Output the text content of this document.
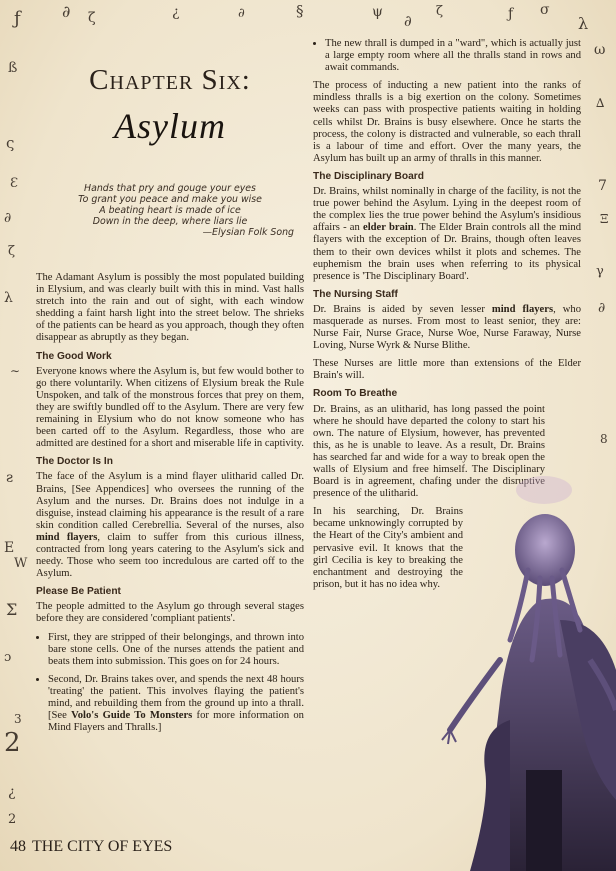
ƒ	∂ ζ	¿	∂	§	ψ ∂
ζ	ƒ σ
λ
ω
∆
7
Ξ
γ
∂
8
ß
ς
Ɛ
∂
ζ
λ
∼
ƨ
E
W
Ʃ
ɔ
3
2
¿
2
Chapter Six:
Asylum
Hands that pry and gouge your eyes
To grant you peace and make you wise
A beating heart is made of ice
Down in the deep, where liars lie
—Elysian Folk Song

The Adamant Asylum is possibly the most populated building in Elysium, and was clearly built with this in mind. Vast halls stretch into the rain and out of sight, with each window shedding a faint harsh light into the street below. The shrieks of the patients can be heard as you approach, though they often disappear as abruptly as they began.

The Good Work

Everyone knows where the Asylum is, but few would bother to go there voluntarily. When citizens of Elysium break the Rule Unspoken, and talk of the monstrous forces that prey on them, they are swiftly bundled off to the Asylum. There are very few remaining in Elysium who do not know someone who has been carted off to the Asylum. Regardless, those who are admitted are destined for a short and miserable life in captivity.

The Doctor Is In

The face of the Asylum is a mind flayer ulitharid called Dr. Brains, [See Appendices] who oversees the running of the Asylum and the nurses. Dr. Brains does not indulge in a disguise, instead claiming his appearance is the result of a rare skin condition called Cerebrellia. Several of the nurses, also mind flayers, claim to suffer from this curious illness, contracted from long years catering to the Asylum's sick and needy. Those who seem too incredulous are carted off to the Asylum.

Please Be Patient

The people admitted to the Asylum go through several stages before they are considered 'compliant patients'.

• First, they are stripped of their belongings, and thrown into bare stone cells. One of the nurses attends the patient and beats them into submission. This goes on for 24 hours.
• Second, Dr. Brains takes over, and spends the next 48 hours 'treating' the patient. This involves flaying the patient's mind, and rebuilding them from the ground up into a thrall. [See Volo's Guide To Monsters for more information on Mind Flayers and Thralls.]
• The new thrall is dumped in a "ward", which is actually just a large empty room where all the thralls stand in rows and await commands.

The process of inducting a new patient into the ranks of mindless thralls is a big exertion on the colony. Sometimes weeks can pass with prospective patients waiting in holding cells whilst Dr. Brains is busy elsewhere. Once he starts the process, the colony is distracted and vulnerable, so each thrall is a labour of time and effort. Over the many years, the Asylum has built up an army of thralls in this manner.

The Disciplinary Board

Dr. Brains, whilst nominally in charge of the facility, is not the true power behind the Asylum. Lying in the deepest room of the complex lies the true power behind the Asylum's insidious affairs - an elder brain. The Elder Brain controls all the mind flayers with the exception of Dr. Brains, though often leaves them to their own devices whilst it plots and schemes. The euphemism the brain uses when referring to its physical presence is 'The Disciplinary Board'.

The Nursing Staff

Dr. Brains is aided by seven lesser mind flayers, who masquerade as nurses. From most to least senior, they are: Nurse Fair, Nurse Grace, Nurse Woe, Nurse Faraway, Nurse Loving, Nurse Wyrk & Nurse Blithe.

These Nurses are little more than extensions of the Elder Brain's will.

Room To Breathe

Dr. Brains, as an ulitharid, has long passed the point where he should have departed the colony to start his own. The nature of Elysium, however, has prevented this, as he is unable to leave. As a result, Dr. Brains has searched far and wide for a way to break open the walls of Elysium and free himself. The Disciplinary Board is in agreement, chafing under the disruptive presence of the ulitharid.

In his searching, Dr. Brains became unknowingly corrupted by the Heart of the City's ambient and pervasive evil. It knows that the girl Cecilia is key to breaking the enchantment and destroying the prison, but it has no idea why.

48 THE CITY OF EYES
